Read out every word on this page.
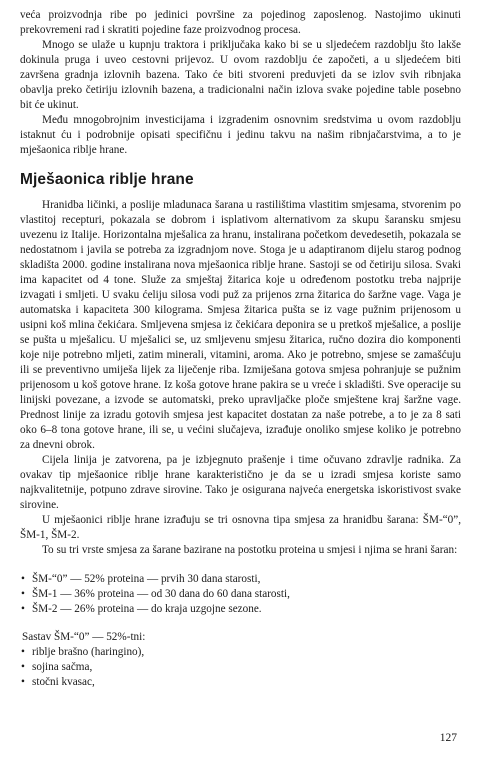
veća proizvodnja ribe po jedinici površine za pojedinog zaposlenog. Nastojimo ukinuti prekovremeni rad i skratiti pojedine faze proizvodnog procesa.

Mnogo se ulaže u kupnju traktora i priključaka kako bi se u sljedećem razdoblju što lakše dokinula pruga i uveo cestovni prijevoz. U ovom razdoblju će započeti, a u sljedećem biti završena gradnja izlovnih bazena. Tako će biti stvoreni preduvjeti da se izlov svih ribnjaka obavlja preko četiriju izlovnih bazena, a tradicionalni način izlova svake pojedine table posebno bit će ukinut.

Među mnogobrojnim investicijama i izgradenim osnovnim sredstvima u ovom razdoblju istaknut ću i podrobnije opisati specifičnu i jedinu takvu na našim ribnjačarstvima, a to je mješaonica riblje hrane.

Mješaonica riblje hrane

Hranidba ličinki, a poslije mladunaca šarana u rastilištima vlastitim smjesama, stvorenim po vlastitoj recepturi, pokazala se dobrom i isplativom alternativom za skupu šaransku smjesu uvezenu iz Italije. Horizontalna mješalica za hranu, instalirana početkom devedesetih, pokazala se nedostatnom i javila se potreba za izgradnjom nove. Stoga je u adaptiranom dijelu starog podnog skladišta 2000. godine instalirana nova mješaonica riblje hrane. Sastoji se od četiriju silosa. Svaki ima kapacitet od 4 tone. Služe za smještaj žitarica koje u određenom postotku treba najprije izvagati i smljeti. U svaku ćeliju silosa vodi puž za prijenos zrna žitarica do šaržne vage. Vaga je automatska i kapaciteta 300 kilograma. Smjesa žitarica pušta se iz vage pužnim prijenosom u usipni koš mlina čekićara. Smljevena smjesa iz čekićara deponira se u pretkoš mješalice, a poslije se pušta u mješalicu. U mješalici se, uz smljevenu smjesu žitarica, ručno dozira dio komponenti koje nije potrebno mljeti, zatim minerali, vitamini, aroma. Ako je potrebno, smjese se zamašćuju ili se preventivno umiješa lijek za liječenje riba. Izmiješana gotova smjesa pohranjuje se pužnim prijenosom u koš gotove hrane. Iz koša gotove hrane pakira se u vreće i skladišti. Sve operacije su linijski povezane, a izvode se automatski, preko upravljačke ploče smještene kraj šaržne vage. Prednost linije za izradu gotovih smjesa jest kapacitet dostatan za naše potrebe, a to je za 8 sati oko 6–8 tona gotove hrane, ili se, u većini slučajeva, izrađuje onoliko smjese koliko je potrebno za dnevni obrok.

Cijela linija je zatvorena, pa je izbjegnuto prašenje i time očuvano zdravlje radnika. Za ovakav tip mješaonice riblje hrane karakteristično je da se u izradi smjesa koriste samo najkvalitetnije, potpuno zdrave sirovine. Tako je osigurana najveća energetska iskoristivost svake sirovine.

U mješaonici riblje hrane izrađuju se tri osnovna tipa smjesa za hranidbu šarana: ŠM-“0”, ŠM-1, ŠM-2.

To su tri vrste smjesa za šarane bazirane na postotku proteina u smjesi i njima se hrani šaran:

• ŠM-“0” — 52% proteina — prvih 30 dana starosti,
• ŠM-1 — 36% proteina — od 30 dana do 60 dana starosti,
• ŠM-2 — 26% proteina — do kraja uzgojne sezone.
Sastav ŠM-“0” — 52%-tni:
• riblje brašno (haringino),
• sojina sačma,
• stočni kvasac,
127
